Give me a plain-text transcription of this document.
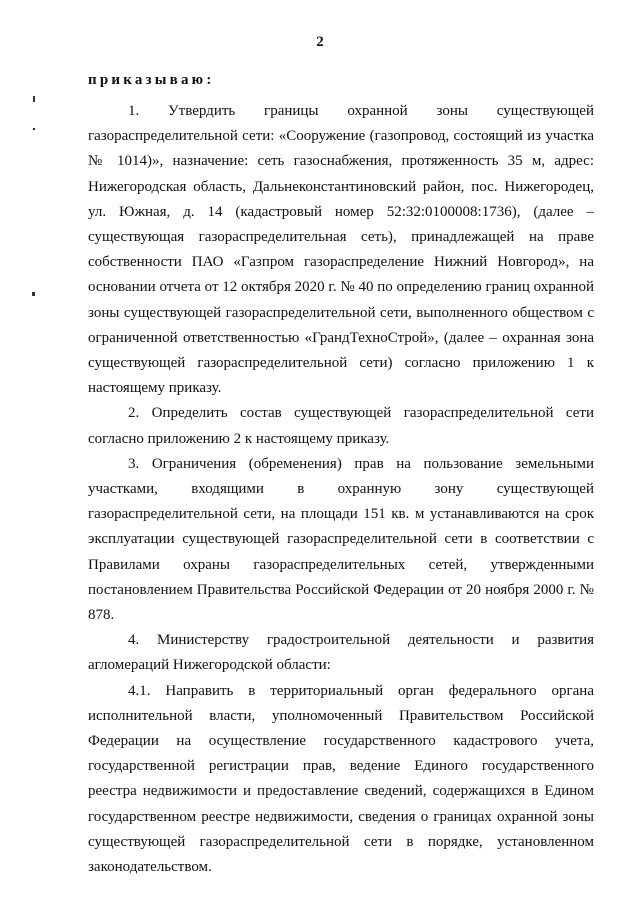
2
приказываю:

1. Утвердить границы охранной зоны существующей газораспределительной сети: «Сооружение (газопровод, состоящий из участка № 1014)», назначение: сеть газоснабжения, протяженность 35 м, адрес: Нижегородская область, Дальнеконстантиновский район, пос. Нижегородец, ул. Южная, д. 14 (кадастровый номер 52:32:0100008:1736), (далее – существующая газораспределительная сеть), принадлежащей на праве собственности ПАО «Газпром газораспределение Нижний Новгород», на основании отчета от 12 октября 2020 г. № 40 по определению границ охранной зоны существующей газораспределительной сети, выполненного обществом с ограниченной ответственностью «ГрандТехноСтрой», (далее – охранная зона существующей газораспределительной сети) согласно приложению 1 к настоящему приказу.

2. Определить состав существующей газораспределительной сети согласно приложению 2 к настоящему приказу.

3. Ограничения (обременения) прав на пользование земельными участками, входящими в охранную зону существующей газораспределительной сети, на площади 151 кв. м устанавливаются на срок эксплуатации существующей газораспределительной сети в соответствии с Правилами охраны газораспределительных сетей, утвержденными постановлением Правительства Российской Федерации от 20 ноября 2000 г. № 878.

4. Министерству градостроительной деятельности и развития агломераций Нижегородской области:

4.1. Направить в территориальный орган федерального органа исполнительной власти, уполномоченный Правительством Российской Федерации на осуществление государственного кадастрового учета, государственной регистрации прав, ведение Единого государственного реестра недвижимости и предоставление сведений, содержащихся в Едином государственном реестре недвижимости, сведения о границах охранной зоны существующей газораспределительной сети в порядке, установленном законодательством.
